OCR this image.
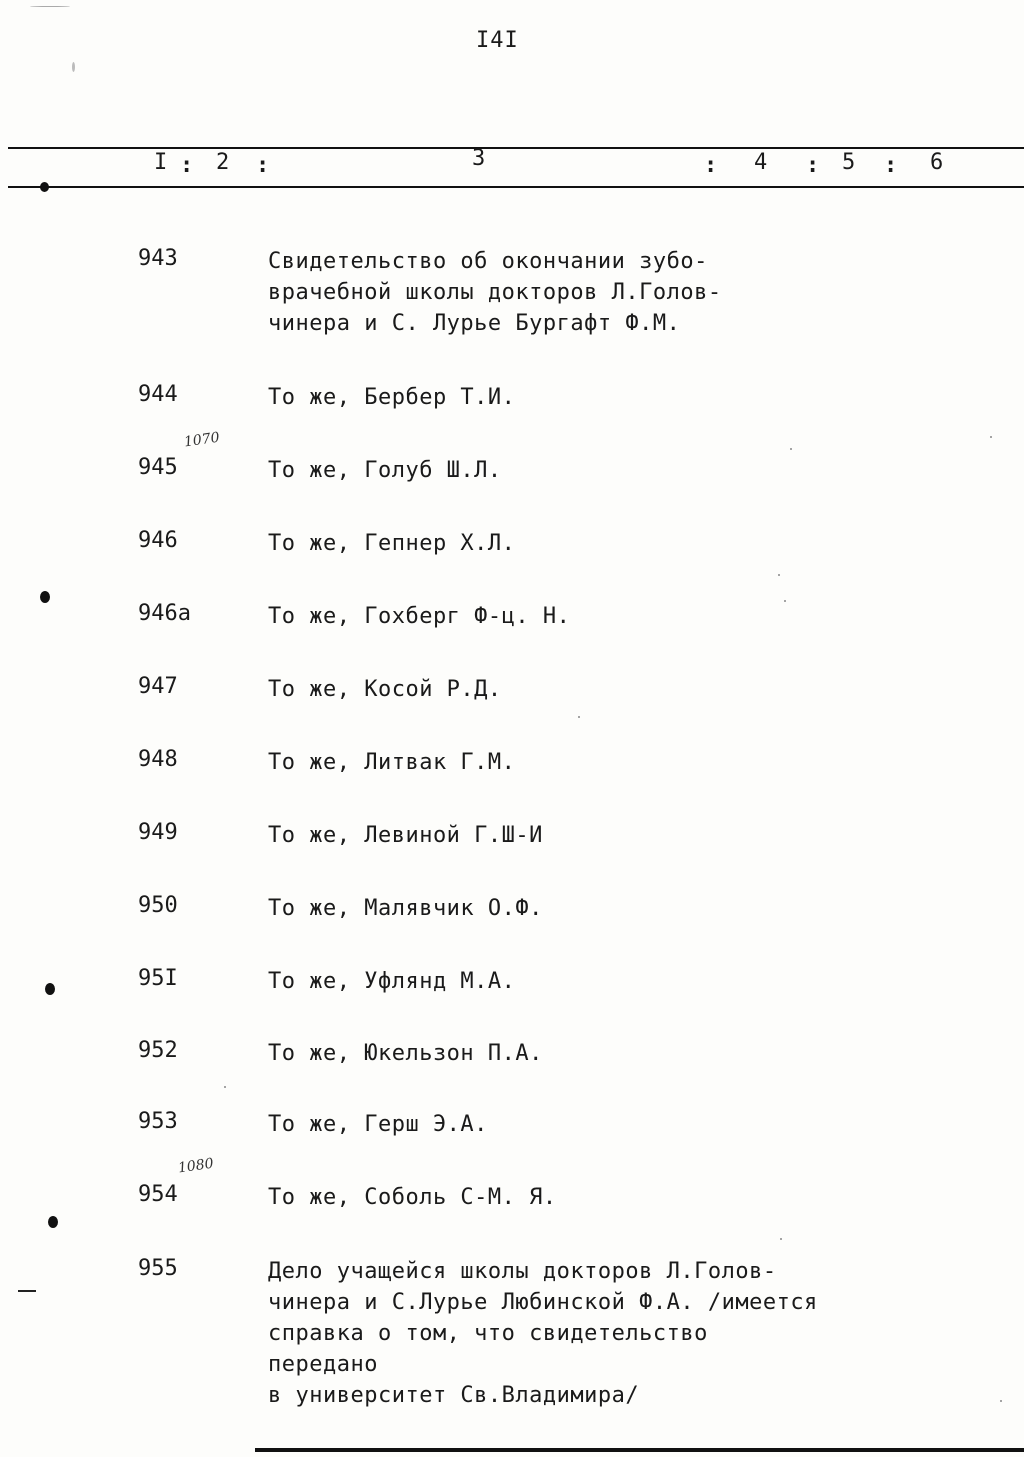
I4I
I : 2 :	3	: 4 : 5 : 6
943	Свидетельство об окончании зубо-
врачебной школы докторов Л.Голов-
чинера и С. Лурье Бургафт Ф.М.
944	То же, Бербер Т.И.
945	То же, Голуб Ш.Л.
946	То же, Гепнер Х.Л.
946а	То же, Гохберг Ф-ц. Н.
947	То же, Косой Р.Д.
948	То же, Литвак Г.М.
949	То же, Левиной Г.Ш-И
950	То же, Малявчик О.Ф.
95I	То же, Уфлянд М.А.
952	То же, Юкельзон П.А.
953	То же, Герш Э.А.
954	То же, Соболь С-М. Я.
955	Дело учащейся школы докторов Л.Голов-
чинера и С.Лурье Любинской Ф.А. /имеется
справка о том, что свидетельство передано
в университет Св.Владимира/
1070
1080
